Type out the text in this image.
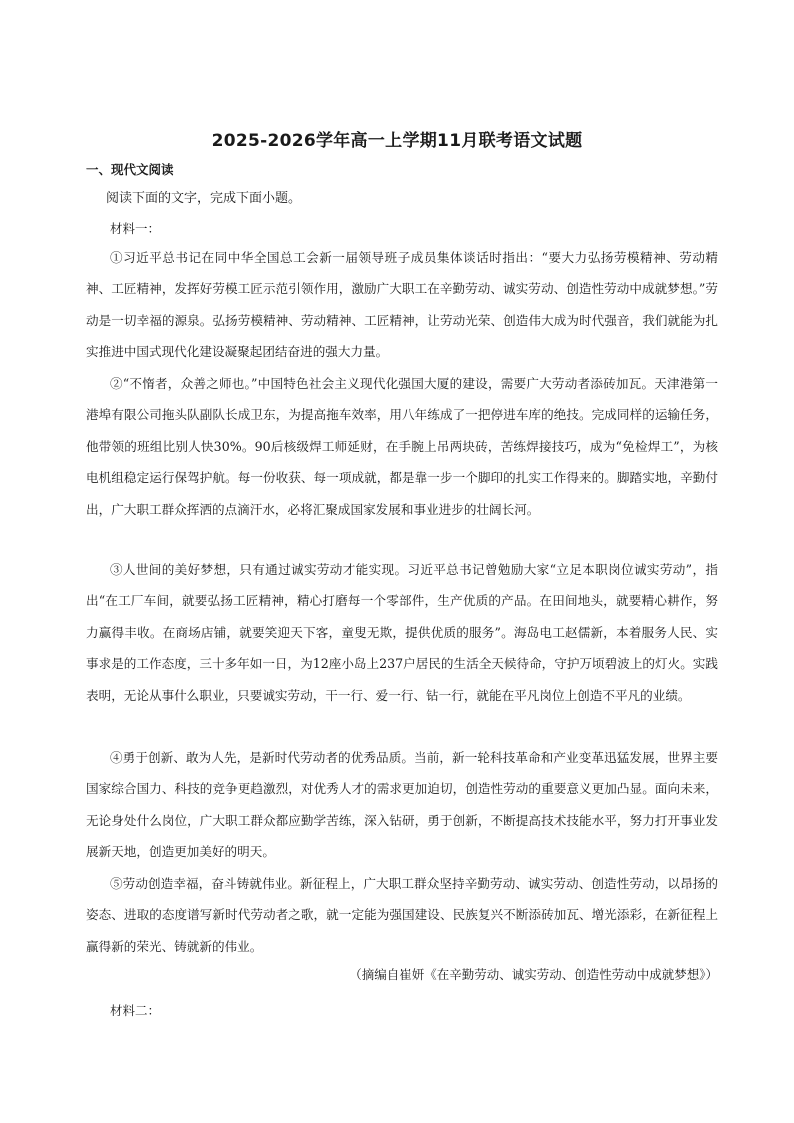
2025-2026学年高一上学期11月联考语文试题
一、现代文阅读
阅读下面的文字，完成下面小题。
材料一：
①习近平总书记在同中华全国总工会新一届领导班子成员集体谈话时指出：“要大力弘扬劳模精神、劳动精神、工匠精神，发挥好劳模工匠示范引领作用，激励广大职工在辛勤劳动、诚实劳动、创造性劳动中成就梦想。”劳动是一切幸福的源泉。弘扬劳模精神、劳动精神、工匠精神，让劳动光荣、创造伟大成为时代强音，我们就能为扎实推进中国式现代化建设凝聚起团结奋进的强大力量。
②“不惰者，众善之师也。”中国特色社会主义现代化强国大厦的建设，需要广大劳动者添砖加瓦。天津港第一港埠有限公司拖头队副队长成卫东，为提高拖车效率，用八年练成了一把停进车库的绝技。完成同样的运输任务，他带领的班组比别人快30%。90后核级焊工师延财，在手腕上吊两块砖，苦练焊接技巧，成为“免检焊工”，为核电机组稳定运行保驾护航。每一份收获、每一项成就，都是靠一步一个脚印的扎实工作得来的。脚踏实地，辛勤付出，广大职工群众挥洒的点滴汗水，必将汇聚成国家发展和事业进步的壮阔长河。
③人世间的美好梦想，只有通过诚实劳动才能实现。习近平总书记曾勉励大家“立足本职岗位诚实劳动”，指出“在工厂车间，就要弘扬工匠精神，精心打磨每一个零部件，生产优质的产品。在田间地头，就要精心耕作，努力赢得丰收。在商场店铺，就要笑迎天下客，童叟无欺，提供优质的服务”。海岛电工赵儒新，本着服务人民、实事求是的工作态度，三十多年如一日，为12座小岛上237户居民的生活全天候待命，守护万顷碧波上的灯火。实践表明，无论从事什么职业，只要诚实劳动，干一行、爱一行、钻一行，就能在平凡岗位上创造不平凡的业绩。
④勇于创新、敢为人先，是新时代劳动者的优秀品质。当前，新一轮科技革命和产业变革迅猛发展，世界主要国家综合国力、科技的竞争更趋激烈，对优秀人才的需求更加迫切，创造性劳动的重要意义更加凸显。面向未来，无论身处什么岗位，广大职工群众都应勤学苦练，深入钻研，勇于创新，不断提高技术技能水平，努力打开事业发展新天地，创造更加美好的明天。
⑤劳动创造幸福，奋斗铸就伟业。新征程上，广大职工群众坚持辛勤劳动、诚实劳动、创造性劳动，以昂扬的姿态、进取的态度谱写新时代劳动者之歌，就一定能为强国建设、民族复兴不断添砖加瓦、增光添彩，在新征程上赢得新的荣光、铸就新的伟业。
（摘编自崔妍《在辛勤劳动、诚实劳动、创造性劳动中成就梦想》）
材料二：
